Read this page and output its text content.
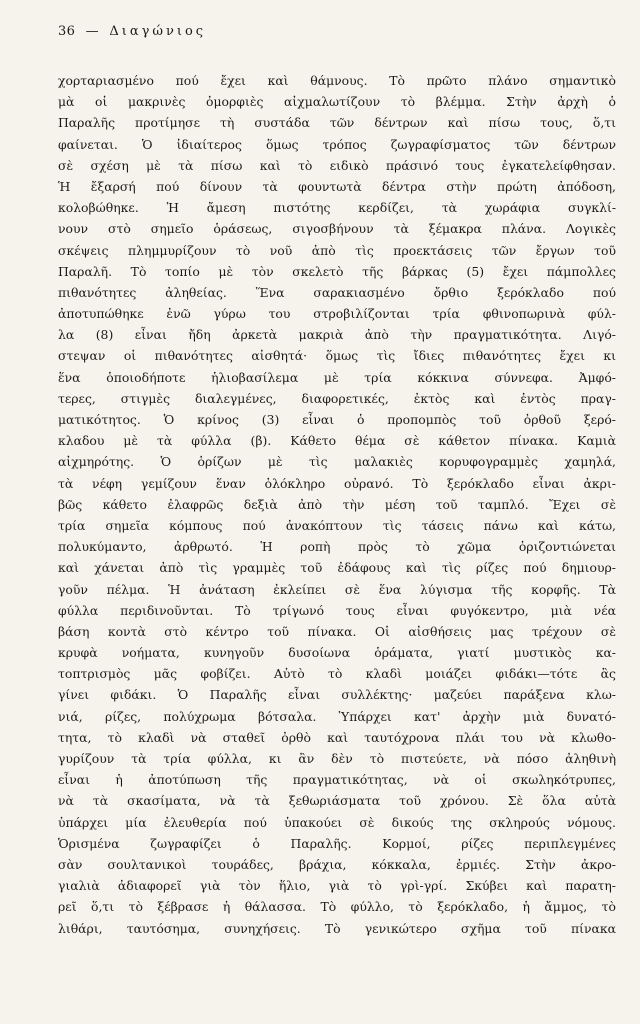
36 — Διαγώνιος
χορταριασμένο πού ἔχει καὶ θάμνους. Τὸ πρῶτο πλάνο σημαντικὸ
μὰ οἱ μακρινὲς ὀμορφιὲς αἰχμαλωτίζουν τὸ βλέμμα. Στὴν ἀρχὴ ὁ
Παραλῆς προτίμησε τὴ συστάδα τῶν δέντρων καὶ πίσω τους, ὅ,τι
φαίνεται. Ὁ ἰδιαίτερος ὅμως τρόπος ζωγραφίσματος τῶν δέντρων
σὲ σχέση μὲ τὰ πίσω καὶ τὸ ειδικὸ πράσινό τους ἐγκατελείφθησαν.
Ἡ ἔξαρσή πού δίνουν τὰ φουντωτὰ δέντρα στὴν πρώτη ἀπόδοση,
κολοβώθηκε. Ἡ ἄμεση πιστότης κερδίζει, τὰ χωράφια συγκλί-
νουν στὸ σημεῖο ὁράσεως, σιγοσβήνουν τὰ ξέμακρα πλάνα. Λογικὲς
σκέψεις πλημμυρίζουν τὸ νοῦ ἀπὸ τὶς προεκτάσεις τῶν ἔργων τοῦ
Παραλῆ. Τὸ τοπίο μὲ τὸν σκελετὸ τῆς βάρκας (5) ἔχει πάμπολλες
πιθανότητες ἀληθείας. Ἕνα σαρακιασμένο ὄρθιο ξερόκλαδο πού
ἀποτυπώθηκε ἐνῶ γύρω του στροβιλίζονται τρία φθινοπωρινὰ φύλ-
λα (8) εἶναι ἤδη ἀρκετὰ μακριὰ ἀπὸ τὴν πραγματικότητα. Λιγό-
στεψαν οἱ πιθανότητες αἰσθητά· ὅμως τὶς ἴδιες πιθανότητες ἔχει κι
ἕνα ὁποιοδήποτε ἡλιοβασίλεμα μὲ τρία κόκκινα σύννεφα. Ἀμφό-
τερες, στιγμὲς διαλεγμένες, διαφορετικές, ἐκτὸς καὶ ἐντὸς πραγ-
ματικότητος. Ὁ κρίνος (3) εἶναι ὁ προπομπὸς τοῦ ὀρθοῦ ξερό-
κλαδου μὲ τὰ φύλλα (β). Κάθετο θέμα σὲ κάθετον πίνακα. Καμιὰ
αἰχμηρότης. Ὁ ὁρίζων μὲ τὶς μαλακιὲς κορυφογραμμὲς χαμηλά,
τὰ νέφη γεμίζουν ἕναν ὁλόκληρο οὐρανό. Τὸ ξερόκλαδο εἶναι ἀκρι-
βῶς κάθετο ἐλαφρῶς δεξιὰ ἀπὸ τὴν μέση τοῦ ταμπλό. Ἔχει σὲ
τρία σημεῖα κόμπους πού ἀνακόπτουν τὶς τάσεις πάνω καὶ κάτω,
πολυκύμαντο, ἀρθρωτό. Ἡ ροπὴ πρὸς τὸ χῶμα ὁριζοντιώνεται
καὶ χάνεται ἀπὸ τὶς γραμμὲς τοῦ ἐδάφους καὶ τὶς ρίζες πού δημιουρ-
γοῦν πέλμα. Ἡ ἀνάταση ἐκλείπει σὲ ἕνα λύγισμα τῆς κορφῆς. Τὰ
φύλλα περιδινοῦνται. Τὸ τρίγωνό τους εἶναι φυγόκεντρο, μιὰ νέα
βάση κοντὰ στὸ κέντρο τοῦ πίνακα. Οἱ αἰσθήσεις μας τρέχουν σὲ
κρυφὰ νοήματα, κυνηγοῦν δυσοίωνα ὁράματα, γιατί μυστικὸς κα-
τοπτρισμὸς μᾶς φοβίζει. Αὐτὸ τὸ κλαδὶ μοιάζει φιδάκι—τότε ἂς
γίνει φιδάκι. Ὁ Παραλῆς εἶναι συλλέκτης· μαζεύει παράξενα κλω-
νιά, ρίζες, πολύχρωμα βότσαλα. Ὑπάρχει κατ' ἀρχὴν μιὰ δυνατό-
τητα, τὸ κλαδὶ νὰ σταθεῖ ὀρθὸ καὶ ταυτόχρονα πλάι του νὰ κλωθο-
γυρίζουν τὰ τρία φύλλα, κι ἂν δὲν τὸ πιστεύετε, νὰ πόσο ἀληθινὴ
εἶναι ἡ ἀποτύπωση τῆς πραγματικότητας, νὰ οἱ σκωληκότρυπες,
νὰ τὰ σκασίματα, νὰ τὰ ξεθωριάσματα τοῦ χρόνου. Σὲ ὅλα αὐτὰ
ὑπάρχει μία ἐλευθερία πού ὑπακούει σὲ δικούς της σκληρούς νόμους.
Ὁρισμένα ζωγραφίζει ὁ Παραλῆς. Κορμοί, ρίζες περιπλεγμένες
σὰν σουλτανικοὶ τουράδες, βράχια, κόκκαλα, ἐρμιές. Στὴν ἀκρο-
γιαλιὰ ἀδιαφορεῖ γιὰ τὸν ἥλιο, γιὰ τὸ γρὶ-γρί. Σκύβει καὶ παρατη-
ρεῖ ὅ,τι τὸ ξέβρασε ἡ θάλασσα. Τὸ φύλλο, τὸ ξερόκλαδο, ἡ ἄμμος, τὸ
λιθάρι, ταυτόσημα, συνηχήσεις. Τὸ γενικώτερο σχῆμα τοῦ πίνακα
